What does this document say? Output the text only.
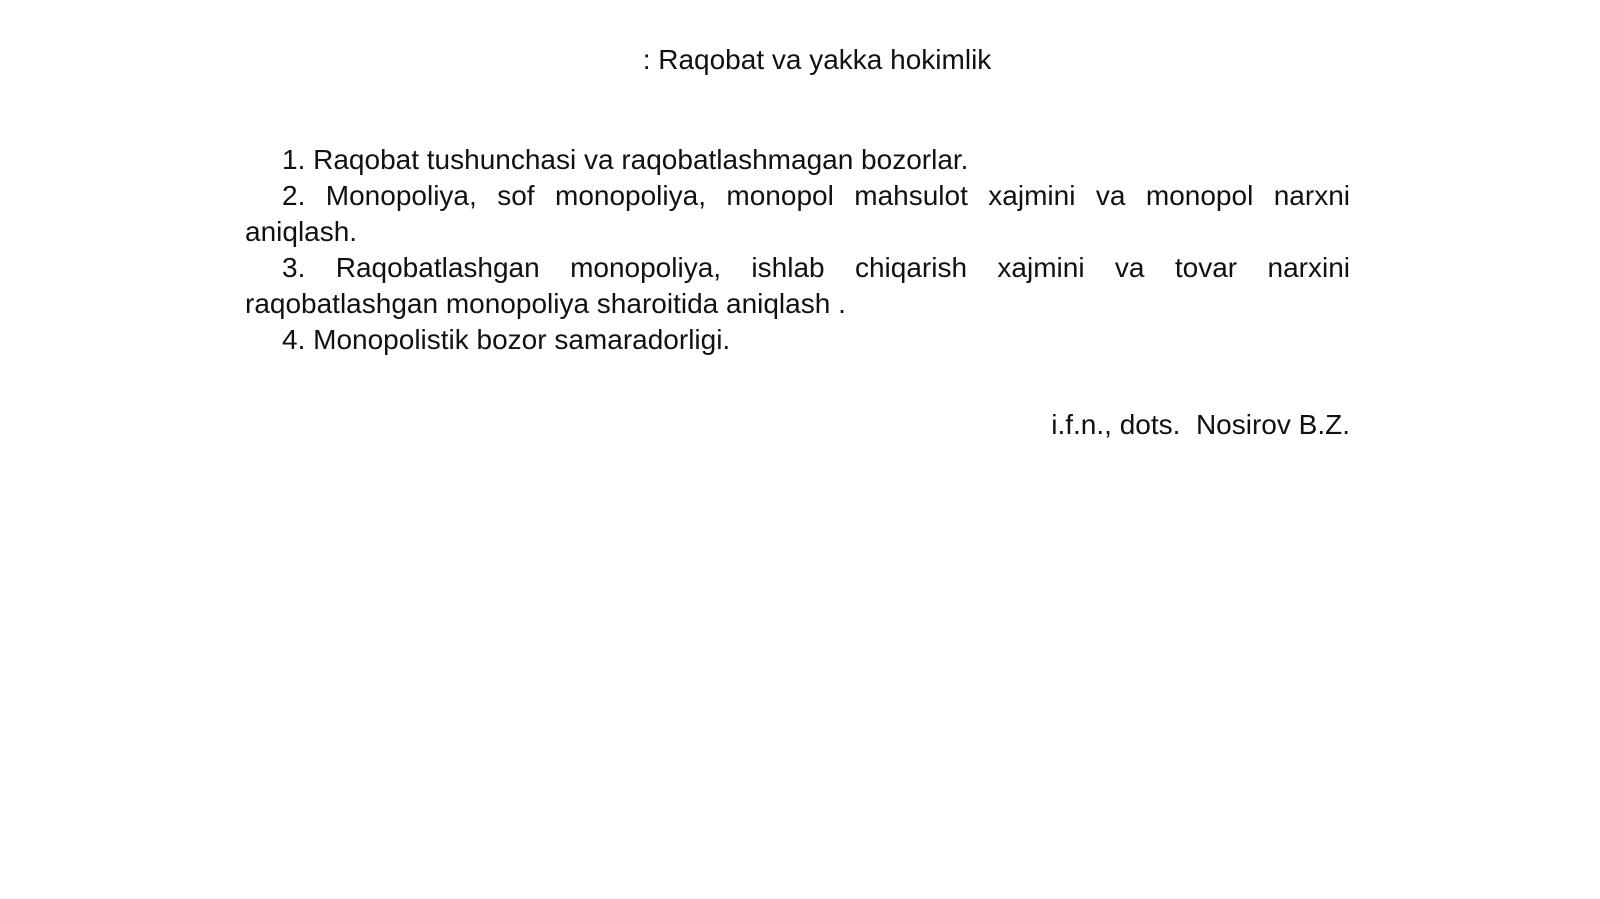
: Raqobat va yakka hokimlik

1. Raqobat tushunchasi va raqobatlashmagan bozorlar.

2. Monopoliya, sof monopoliya, monopol mahsulot xajmini va monopol narxni aniqlash.

3. Raqobatlashgan monopoliya, ishlab chiqarish xajmini va tovar narxini raqobatlashgan monopoliya sharoitida aniqlash .

4. Monopolistik bozor samaradorligi.

i.f.n., dots.  Nosirov B.Z.
